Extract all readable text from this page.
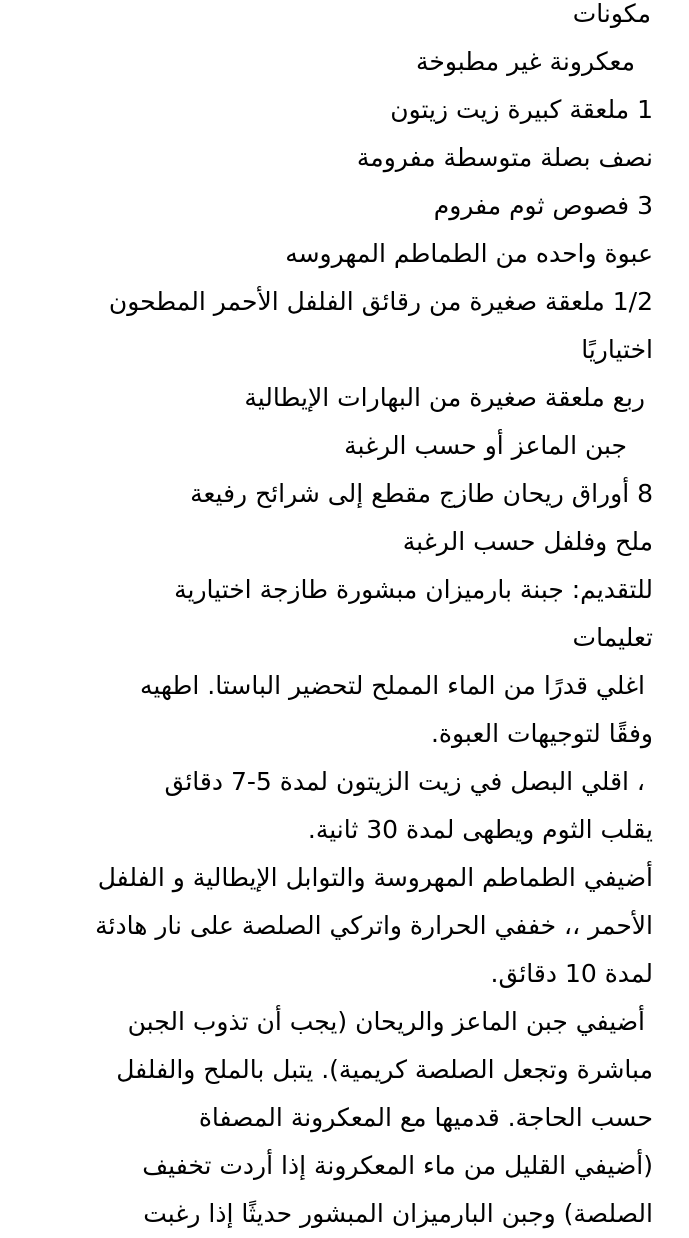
مكونات
معكرونة غير مطبوخة
1 ملعقة كبيرة زيت زيتون
نصف بصلة متوسطة مفرومة
3 فصوص ثوم مفروم
عبوة واحده من الطماطم المهروسه
1/2 ملعقة صغيرة من رقائق الفلفل الأحمر المطحون
اختياريًا
ربع ملعقة صغيرة من البهارات الإيطالية
جبن الماعز أو حسب الرغبة
8 أوراق ريحان طازج مقطع إلى شرائح رفيعة
ملح وفلفل حسب الرغبة
للتقديم: جبنة بارميزان مبشورة طازجة اختيارية
تعليمات
اغلي قدرًا من الماء المملح لتحضير الباستا. اطهيه
وفقًا لتوجيهات العبوة.
، اقلي البصل في زيت الزيتون لمدة 5-7 دقائق
يقلب الثوم ويطهى لمدة 30 ثانية.
أضيفي الطماطم المهروسة والتوابل الإيطالية و الفلفل
الأحمر ،، خففي الحرارة واتركي الصلصة على نار هادئة
لمدة 10 دقائق.
أضيفي جبن الماعز والريحان (يجب أن تذوب الجبن
مباشرة وتجعل الصلصة كريمية). يتبل بالملح والفلفل
حسب الحاجة. قدميها مع المعكرونة المصفاة
(أضيفي القليل من ماء المعكرونة إذا أردت تخفيف
الصلصة) وجبن البارميزان المبشور حديثًا إذا رغبت
